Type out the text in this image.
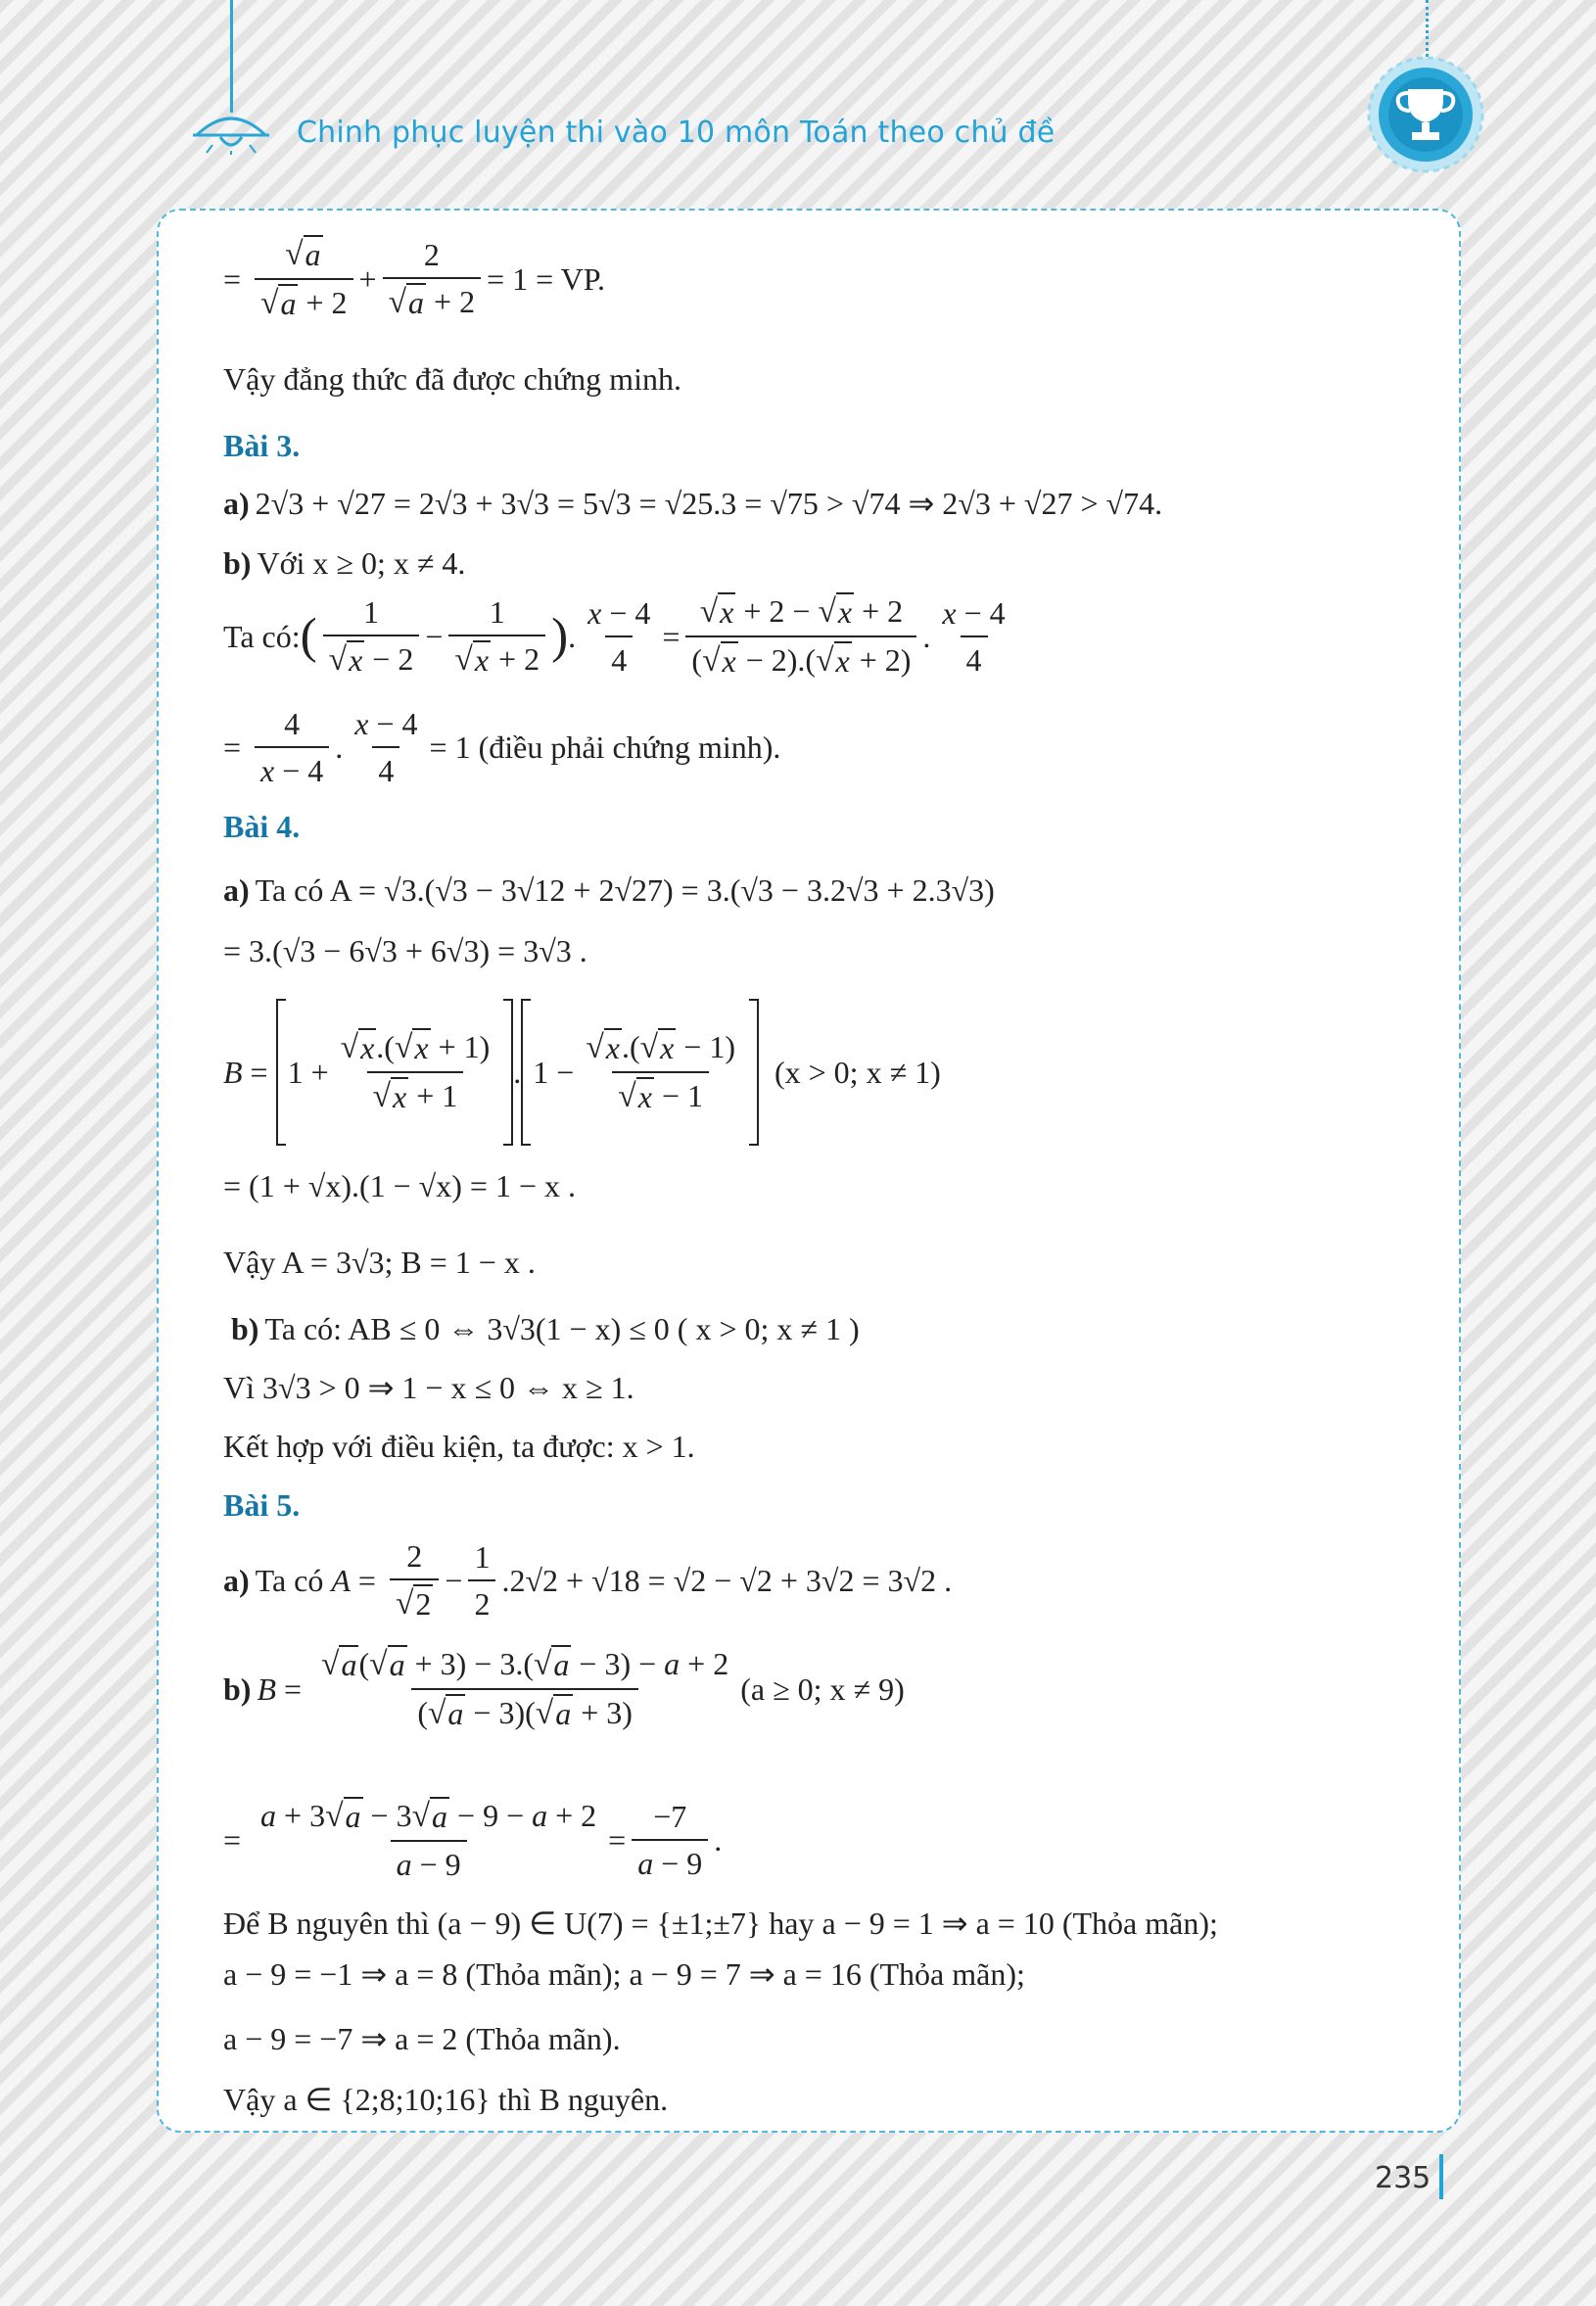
Chinh phục luyện thi vào 10 môn Toán theo chủ đề
= $\frac{√ a}{√ a + 2} + \frac{2}{√ a + 2} = 1$ = VP.
Vậy đẳng thức đã được chứng minh.
Bài 3.
a) 2√3 + √27 = 2√3 + 3√3 = 5√3 = √25.3 = √75 > √74 ⇒ 2√3 + √27 > √74.
b) Với x ≥ 0; x ≠ 4.
Ta có: ( $\frac{1}{√ x - 2} - \frac{1}{√ x + 2}$ ) . $\frac{x - 4}{4} = \frac{√ x + 2 - √ x + 2}{( √ x - 2).( √ x + 2)}$ . $\frac{x - 4}{4}$
= $\frac{4}{x - 4}$ . $\frac{x - 4}{4} = 1$ (điều phải chứng minh).
Bài 4.
a) Ta có A = √3.(√3 − 3√12 + 2√27) = 3.(√3 − 3.2√3 + 2.3√3)
= 3.(√3 − 6√3 + 6√3) = 3√3 .
$B = 1 + \frac{√ x .( √ x + 1)}{√ x + 1}$ . $1 - \frac{√ x .( √ x - 1)}{√ x - 1}$
(x > 0; x ≠ 1)
= (1 + √x).(1 − √x) = 1 − x .
Vậy A = 3√3; B = 1 − x .
b) Ta có: AB ≤ 0 ⇔ 3√3(1 − x) ≤ 0 ( x > 0; x ≠ 1 )
Vì 3√3 > 0 ⇒ 1 − x ≤ 0 ⇔ x ≥ 1.
Kết hợp với điều kiện, ta được: x > 1.
Bài 5.
a) Ta có $A = \frac{2}{√ 2} - \frac{1}{2} .2√2 + √18 = √2 - √2 + 3√2 = 3√2$ .
b) $B = \frac{√ a ( √ a + 3) - 3.( √ a - 3) - a + 2}{( √ a - 3)( √ a + 3)} (a \ge 0$; x ≠ 9)
= $\frac{a + 3 √ a - 3 √ a - 9 - a + 2}{a - 9} = \frac{-7}{a - 9}$ .
Để B nguyên thì (a − 9) ∈ U(7) = {±1;±7} hay a − 9 = 1 ⇒ a = 10 (Thỏa mãn);
a − 9 = −1 ⇒ a = 8 (Thỏa mãn); a − 9 = 7 ⇒ a = 16 (Thỏa mãn);
a − 9 = −7 ⇒ a = 2 (Thỏa mãn).
Vậy a ∈ {2;8;10;16} thì B nguyên.
235
